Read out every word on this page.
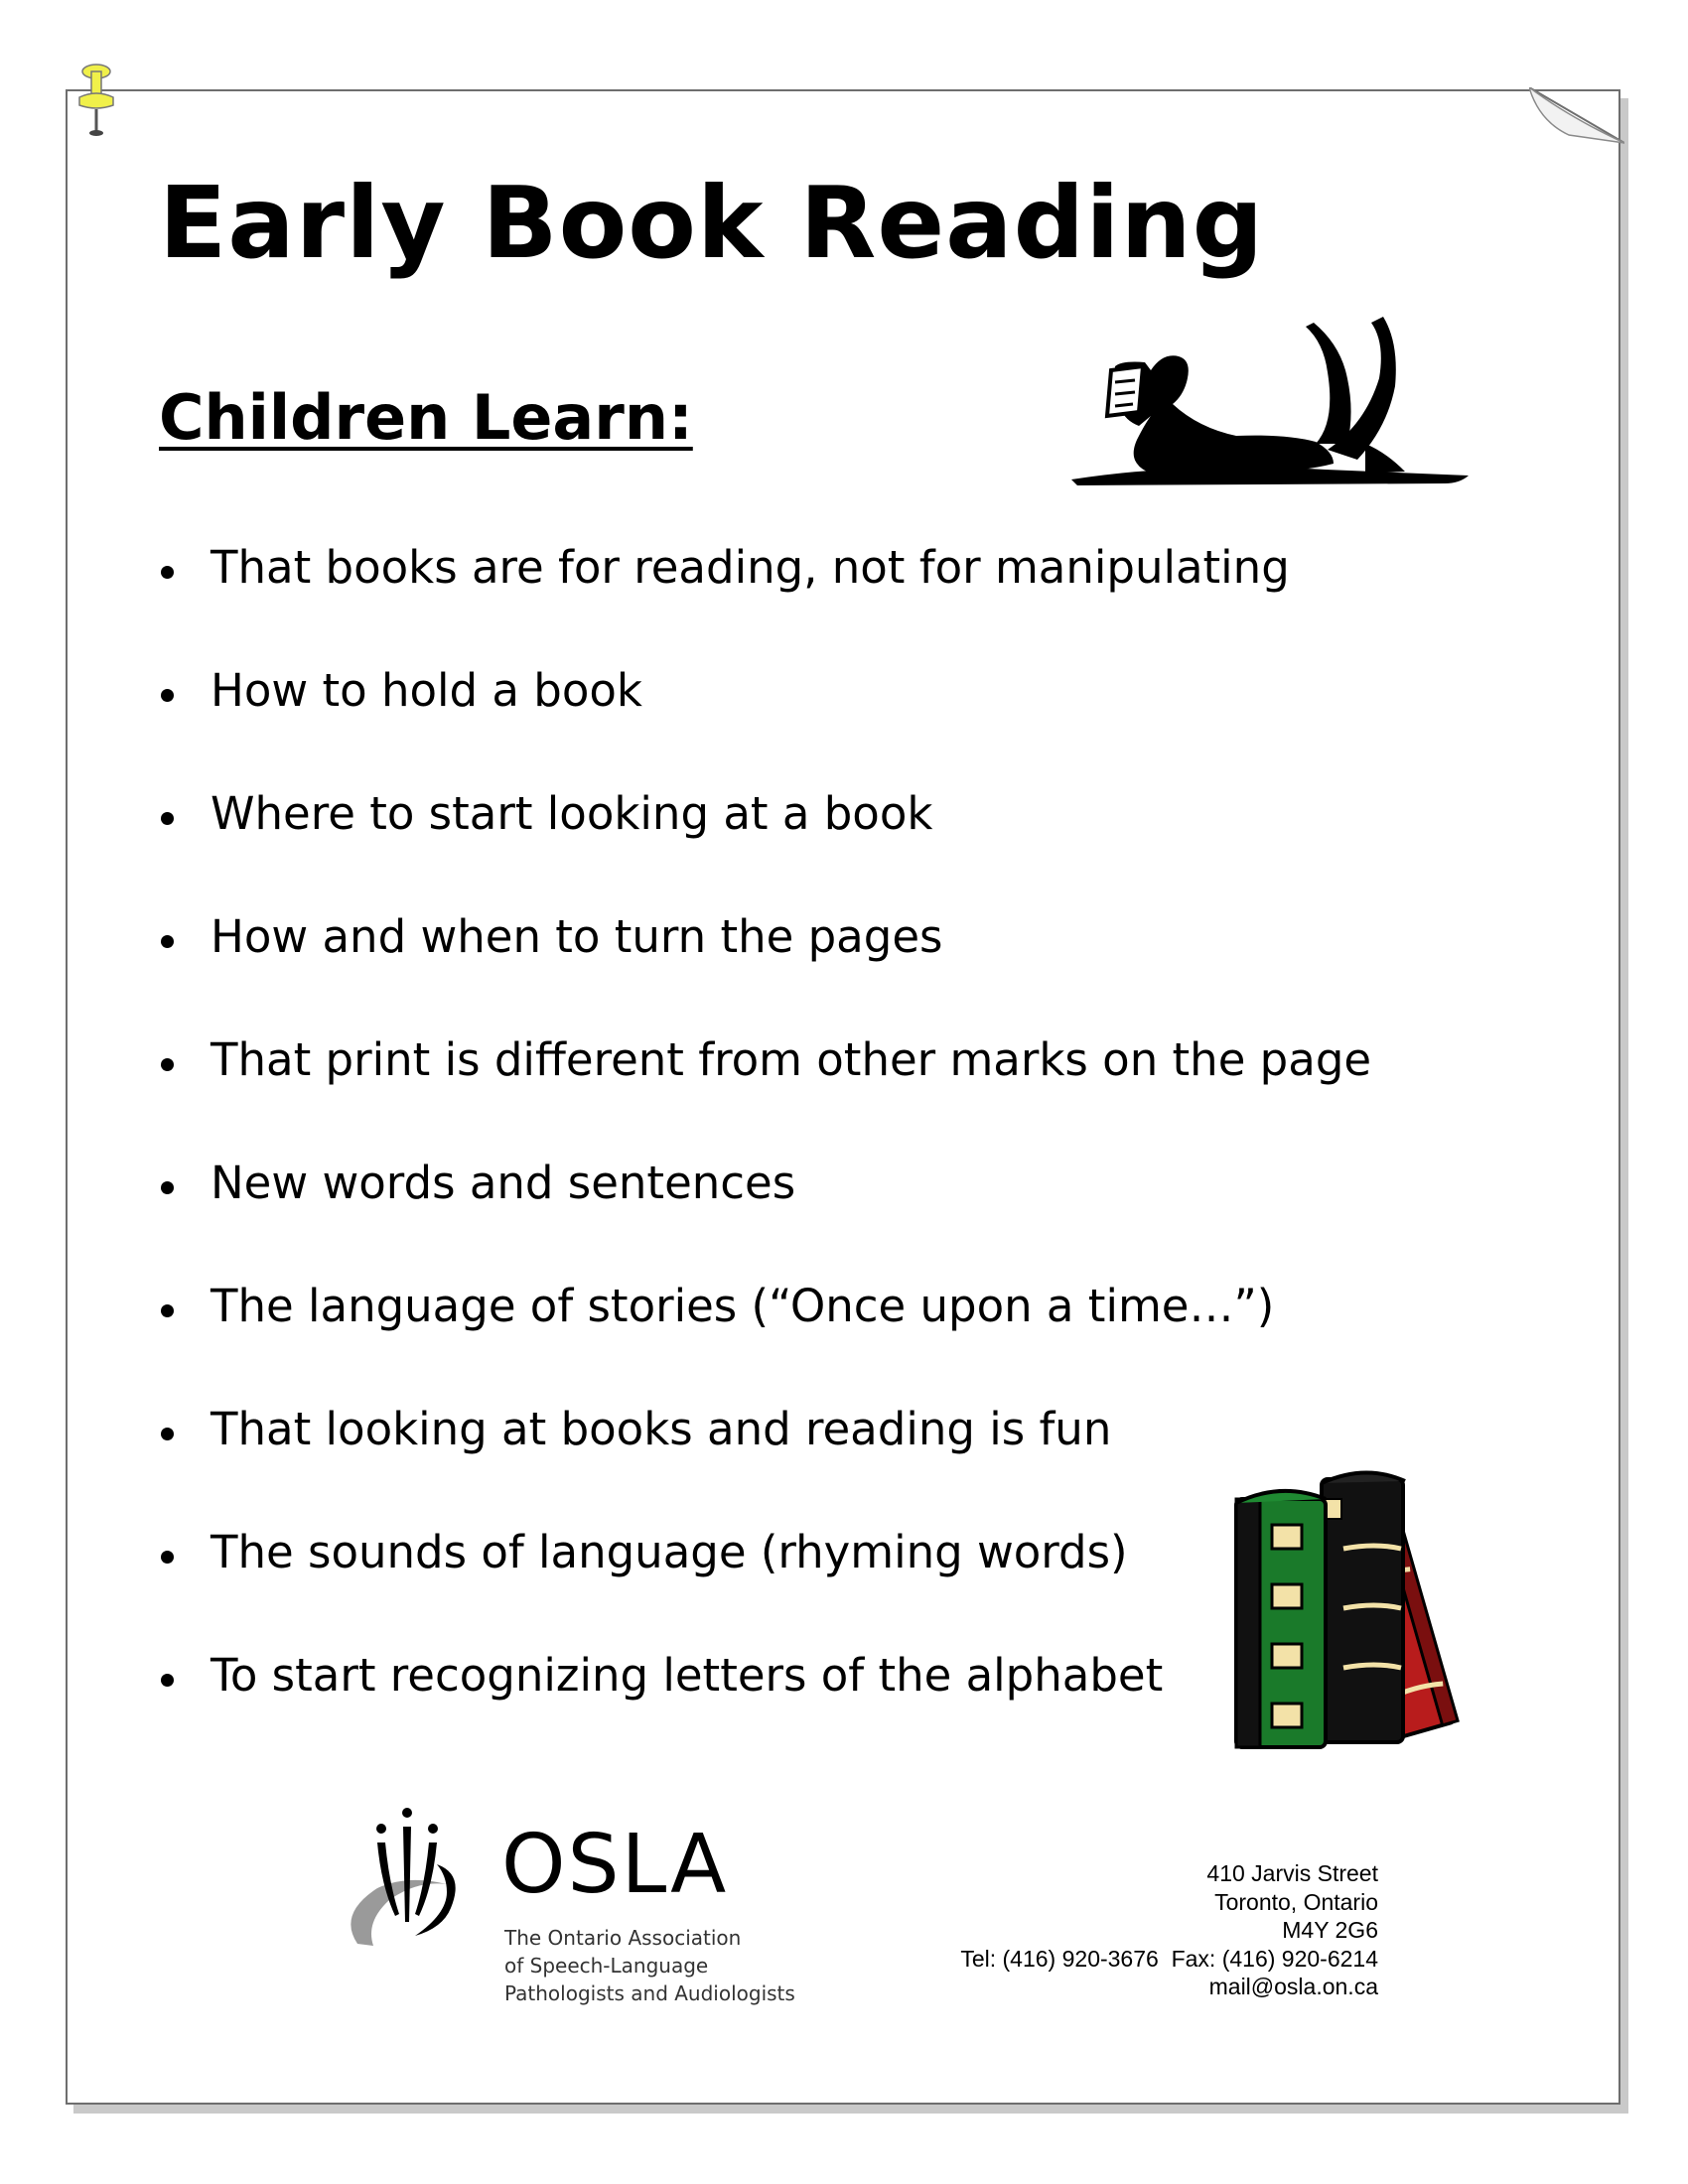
Early Book Reading
Children Learn:
That books are for reading, not for manipulating
How to hold a book
Where to start looking at a book
How and when to turn the pages
That print is different from other marks on the page
New words and sentences
The language of stories (“Once upon a time…”)
That looking at books and reading is fun
The sounds of language (rhyming words)
To start recognizing letters of the alphabet
OSLA
The Ontario Association
of Speech-Language
Pathologists and Audiologists
410 Jarvis Street
Toronto, Ontario
M4Y 2G6
Tel: (416) 920-3676  Fax: (416) 920-6214
mail@osla.on.ca
